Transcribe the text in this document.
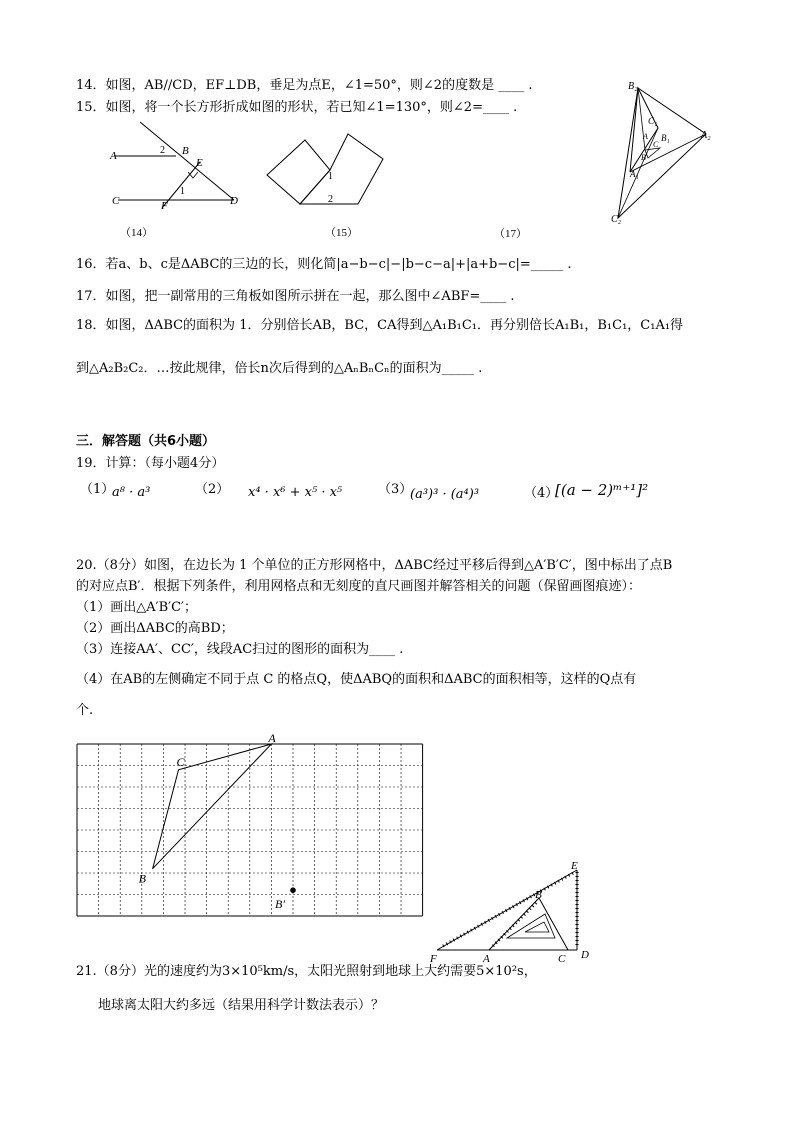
14．如图，AB//CD，EF⊥DB，垂足为点E，∠1=50°，则∠2的度数是 ____ .
15．如图，将一个长方形折成如图的形状，若已知∠1=130°，则∠2=____ .
A	B
C	D
E
F
1
2
（14）
1
2
（15）
B₂
A₂
C₂
B₁
C₁
A₁
A
B
C
（17）
16．若a、b、c是ΔABC的三边的长，则化简|a−b−c|−|b−c−a|+|a+b−c|=_____ .
17．如图，把一副常用的三角板如图所示拼在一起，那么图中∠ABF=____ .
18．如图，ΔABC的面积为 1．分别倍长AB，BC，CA得到△A₁B₁C₁．再分别倍长A₁B₁，B₁C₁，C₁A₁得
到△A₂B₂C₂．…按此规律，倍长n次后得到的△AₙBₙCₙ的面积为_____ .
三．解答题（共6小题）
19．计算：（每小题4分）
（1）
a⁸ · a³	（2） x⁴ · x⁶ + x⁵ · x⁵	（3）
(a³)³ · (a⁴)³	（4）
[(a − 2)ᵐ⁺¹]²
20.（8分）如图，在边长为 1 个单位的正方形网格中，ΔABC经过平移后得到△A′B′C′，图中标出了点B
的对应点B′．根据下列条件，利用网格点和无刻度的直尺画图并解答相关的问题（保留画图痕迹）：
（1）画出△A′B′C′；
（2）画出ΔABC的高BD；
（3）连接AA′、CC′，线段AC扫过的图形的面积为____ .
（4）在AB的左侧确定不同于点 C 的格点Q，使ΔABQ的面积和ΔABC的面积相等，这样的Q点有
个.
A
B
C
B′
F	A
B
C D
E
21.（8分）光的速度约为3×10⁵km/s，太阳光照射到地球上大约需要5×10²s，
地球离太阳大约多远（结果用科学计数法表示）？
